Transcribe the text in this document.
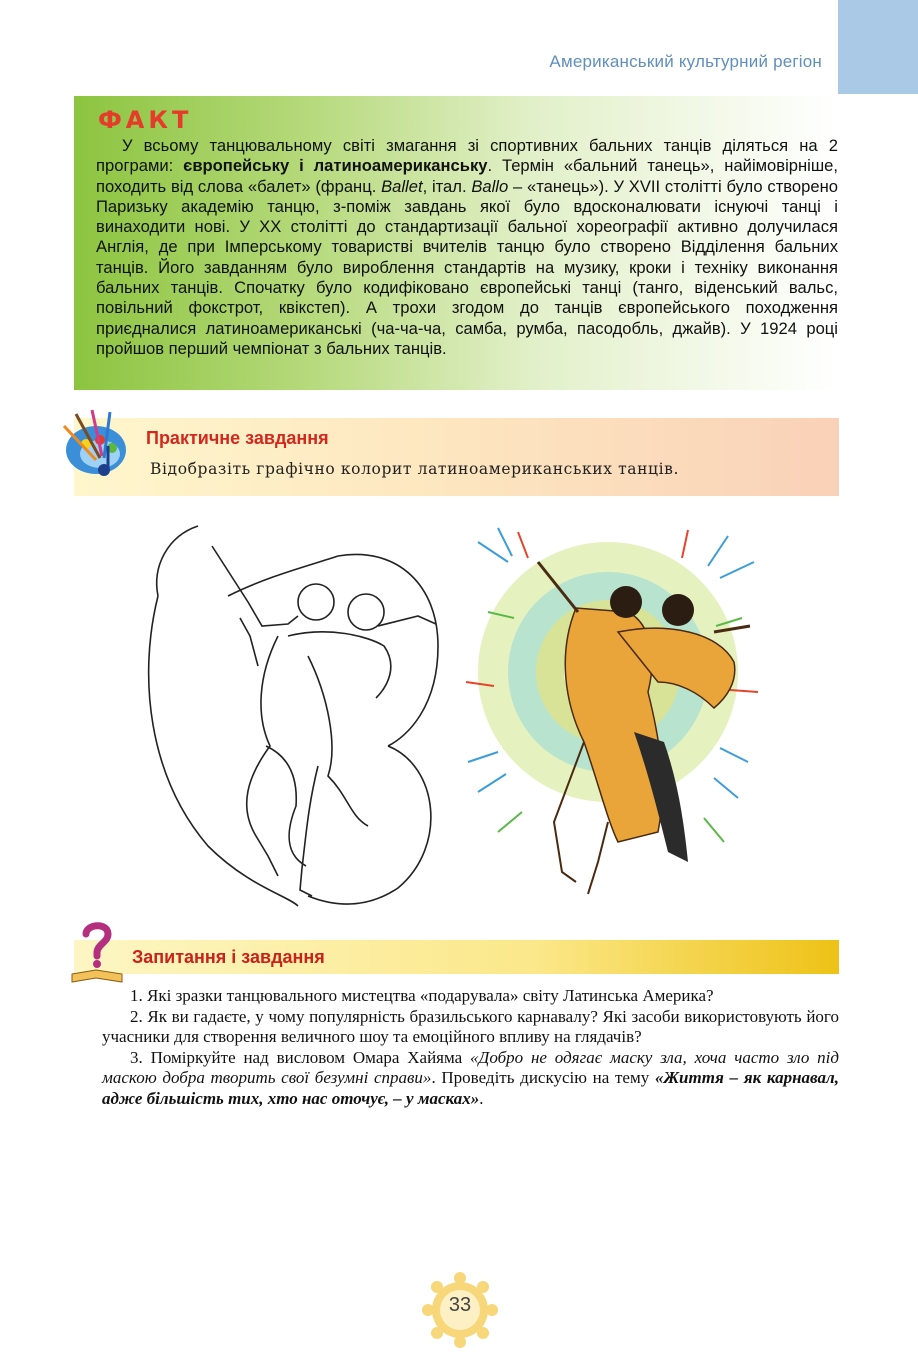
Американський культурний регіон
ФАКТ

У всьому танцювальному світі змагання зі спортивних бальних танців діляться на 2 програми: європейську і латиноамериканську. Термін «бальний танець», найімовірніше, походить від слова «балет» (франц. Ballet, італ. Ballo – «танець»). У XVII столітті було створено Паризьку академію танцю, з-поміж завдань якої було вдосконалювати існуючі танці і винаходити нові. У XX столітті до стандартизації бальної хореографії активно долучилася Англія, де при Імперському товаристві вчителів танцю було створено Відділення бальних танців. Його завданням було вироблення стандартів на музику, кроки і техніку виконання бальних танців. Спочатку було кодифіковано європейські танці (танго, віденський вальс, повільний фокстрот, квікстеп). А трохи згодом до танців європейського походження приєдналися латиноамериканські (ча-ча-ча, самба, румба, пасодобль, джайв). У 1924 році пройшов перший чемпіонат з бальних танців.

Практичне завдання
Відобразіть графічно колорит латиноамериканських танців.
Запитання і завдання

1. Які зразки танцювального мистецтва «подарувала» світу Латинська Америка?

2. Як ви гадаєте, у чому популярність бразильського карнавалу? Які засоби використовують його учасники для створення величного шоу та емоційного впливу на глядачів?

3. Поміркуйте над висловом Омара Хайяма «Добро не одягає маску зла, хоча часто зло під маскою добра творить свої безумні справи». Проведіть дискусію на тему «Життя – як карнавал, адже більшість тих, хто нас оточує, – у масках».

33
